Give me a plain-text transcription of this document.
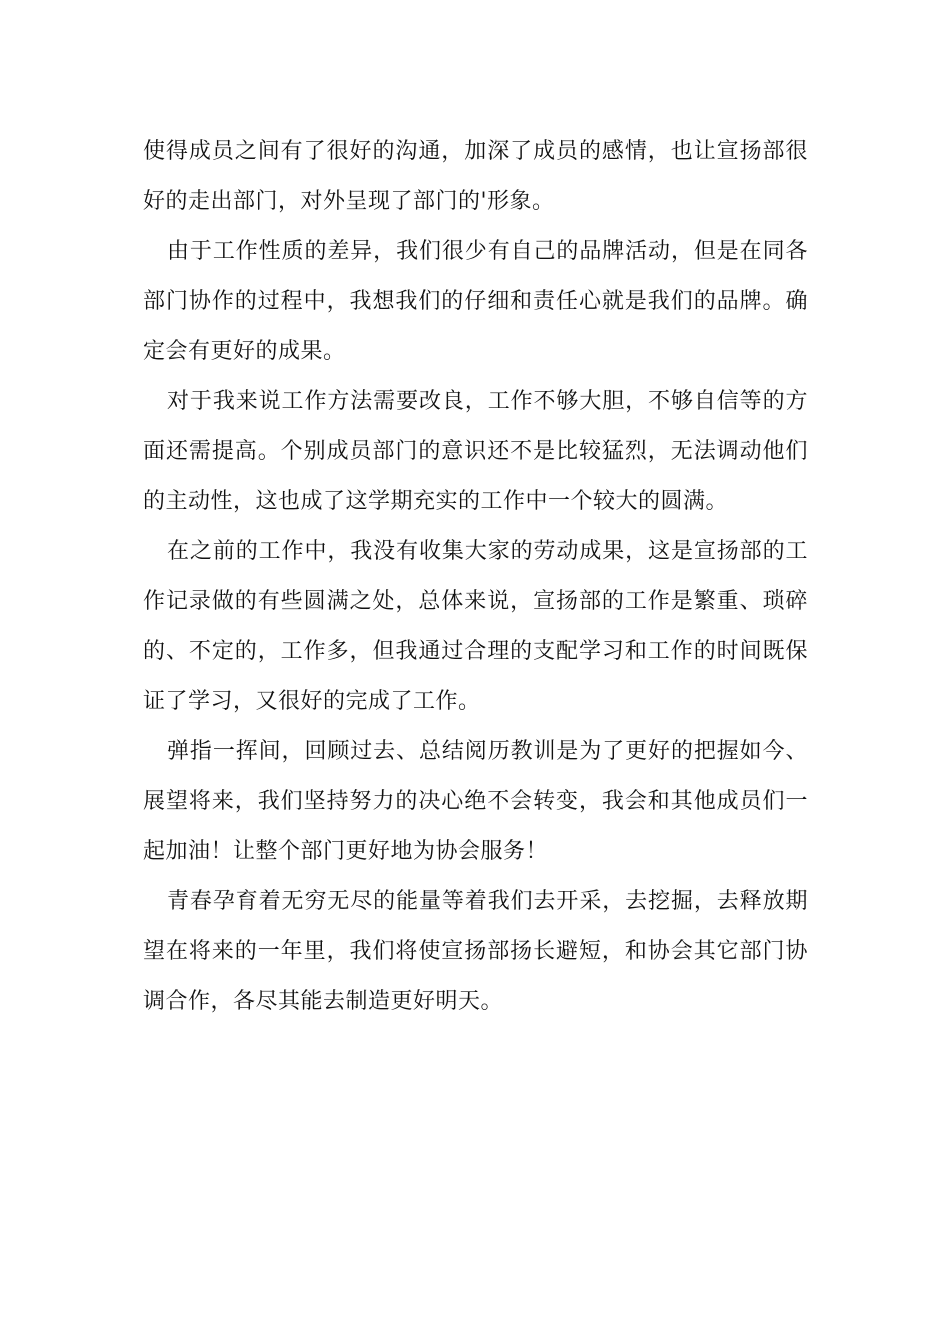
使得成员之间有了很好的沟通，加深了成员的感情，也让宣扬部很好的走出部门，对外呈现了部门的'形象。

由于工作性质的差异，我们很少有自己的品牌活动，但是在同各部门协作的过程中，我想我们的仔细和责任心就是我们的品牌。确定会有更好的成果。

对于我来说工作方法需要改良，工作不够大胆，不够自信等的方面还需提高。个别成员部门的意识还不是比较猛烈，无法调动他们的主动性，这也成了这学期充实的工作中一个较大的圆满。

在之前的工作中，我没有收集大家的劳动成果，这是宣扬部的工作记录做的有些圆满之处，总体来说，宣扬部的工作是繁重、琐碎的、不定的，工作多，但我通过合理的支配学习和工作的时间既保证了学习，又很好的完成了工作。

弹指一挥间，回顾过去、总结阅历教训是为了更好的把握如今、展望将来，我们坚持努力的决心绝不会转变，我会和其他成员们一起加油！让整个部门更好地为协会服务！

青春孕育着无穷无尽的能量等着我们去开采，去挖掘，去释放期望在将来的一年里，我们将使宣扬部扬长避短，和协会其它部门协调合作，各尽其能去制造更好明天。
